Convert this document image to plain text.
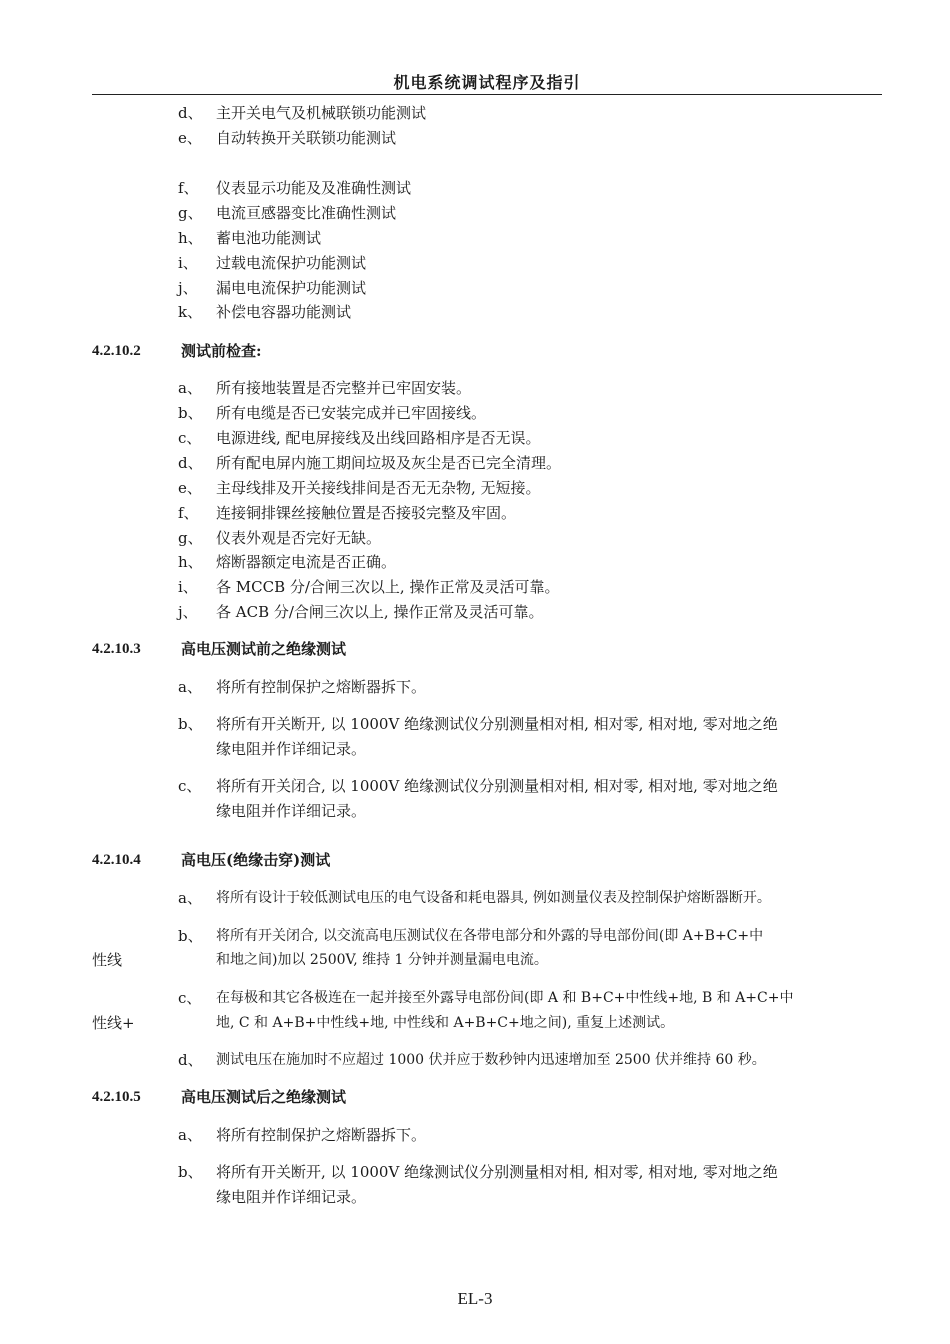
机电系统调试程序及指引
d、 主开关电气及机械联锁功能测试
e、 自动转换开关联锁功能测试
f、 仪表显示功能及及准确性测试
g、 电流亘感器变比准确性测试
h、 蓄电池功能测试
i、 过载电流保护功能测试
j、 漏电电流保护功能测试
k、 补偿电容器功能测试
4.2.10.2	测试前检查:
a、 所有接地装置是否完整并已牢固安装。
b、 所有电缆是否已安装完成并已牢固接线。
c、 电源进线, 配电屏接线及出线回路相序是否无误。
d、 所有配电屏内施工期间垃圾及灰尘是否已完全清理。
e、 主母线排及开关接线排间是否无无杂物, 无短接。
f、 连接铜排锞丝接触位置是否接驳完整及牢固。
g、 仪表外观是否完好无缺。
h、 熔断器额定电流是否正确。
i、 各 MCCB 分/合闸三次以上, 操作正常及灵活可靠。
j、 各 ACB 分/合闸三次以上, 操作正常及灵活可靠。
4.2.10.3	高电压测试前之绝缘测试
a、 将所有控制保护之熔断器拆下。
b、 将所有开关断开, 以 1000V 绝缘测试仪分别测量相对相, 相对零, 相对地, 零对地之绝
缘电阻并作详细记录。
c、 将所有开关闭合, 以 1000V 绝缘测试仪分别测量相对相, 相对零, 相对地, 零对地之绝
缘电阻并作详细记录。
4.2.10.4	高电压(绝缘击穿)测试
a、 将所有设计于较低测试电压的电气设备和耗电器具, 例如测量仪表及控制保护熔断器断开。
b、 将所有开关闭合, 以交流高电压测试仪在各带电部分和外露的导电部份间(即 A+B+C+中
性线	和地之间)加以 2500V, 维持 1 分钟并测量漏电电流。
c、 在每极和其它各极连在一起并接至外露导电部份间(即 A 和 B+C+中性线+地, B 和 A+C+中
性线+	地, C 和 A+B+中性线+地, 中性线和 A+B+C+地之间), 重复上述测试。
d、 测试电压在施加时不应超过 1000 伏并应于数秒钟内迅速增加至 2500 伏并维持 60 秒。
4.2.10.5	高电压测试后之绝缘测试
a、 将所有控制保护之熔断器拆下。
b、 将所有开关断开, 以 1000V 绝缘测试仪分别测量相对相, 相对零, 相对地, 零对地之绝
缘电阻并作详细记录。
EL-3
